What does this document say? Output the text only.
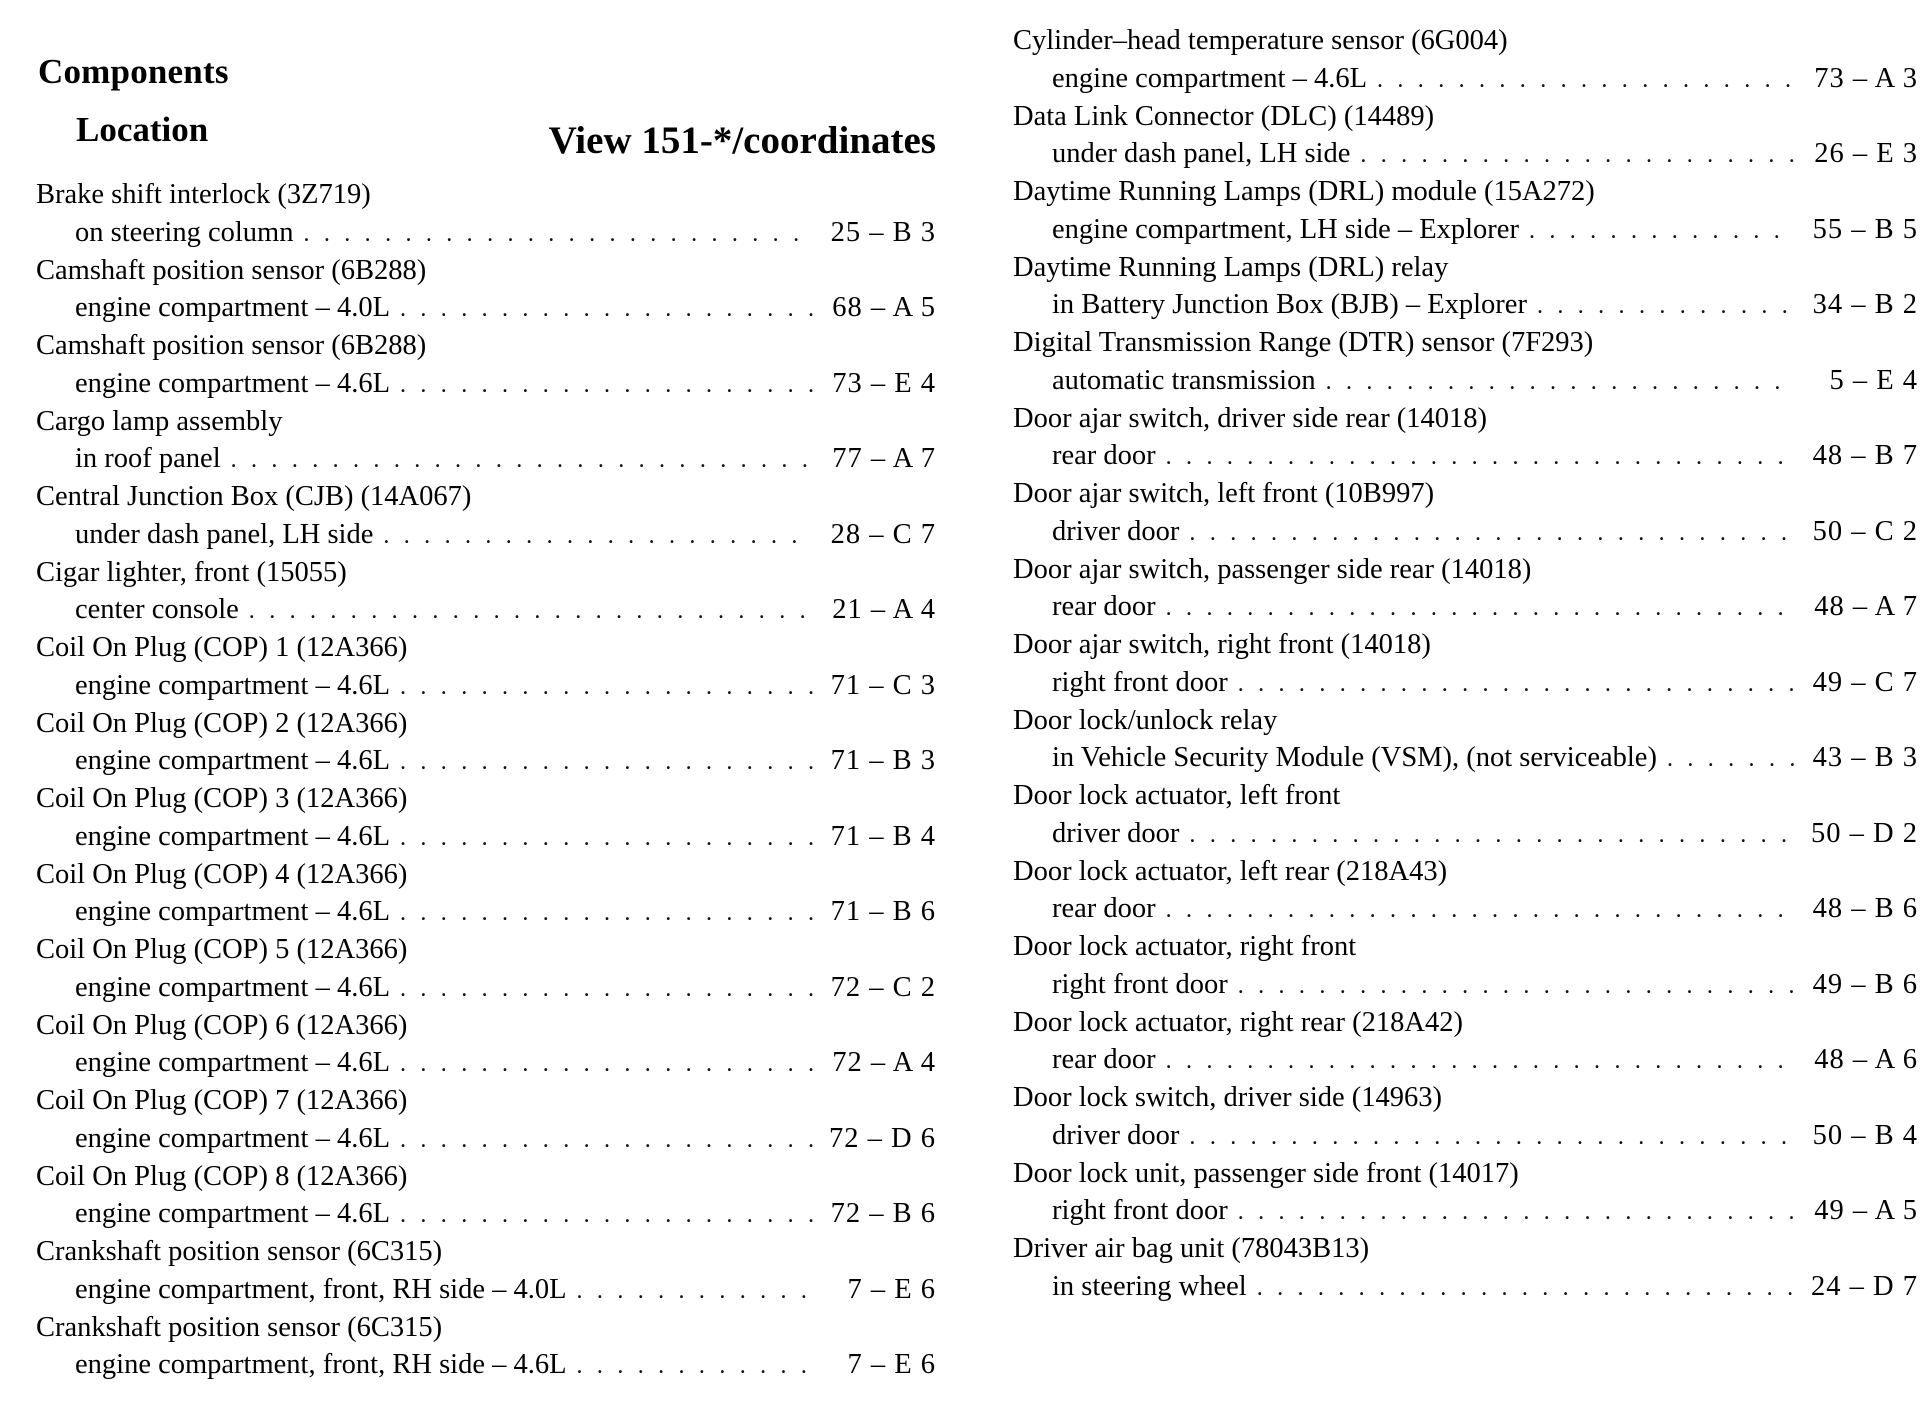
Components
Location	View 151-*/coordinates
Brake shift interlock (3Z719)
on steering column . . .	25 – B 3
Camshaft position sensor (6B288)
engine compartment – 4.0L . . .	68 – A 5
Camshaft position sensor (6B288)
engine compartment – 4.6L . . .	73 – E 4
Cargo lamp assembly
in roof panel . . .	77 – A 7
Central Junction Box (CJB) (14A067)
under dash panel, LH side . . .	28 – C 7
Cigar lighter, front (15055)
center console . . .	21 – A 4
Coil On Plug (COP) 1 (12A366)
engine compartment – 4.6L . . .	71 – C 3
Coil On Plug (COP) 2 (12A366)
engine compartment – 4.6L . . .	71 – B 3
Coil On Plug (COP) 3 (12A366)
engine compartment – 4.6L . . .	71 – B 4
Coil On Plug (COP) 4 (12A366)
engine compartment – 4.6L . . .	71 – B 6
Coil On Plug (COP) 5 (12A366)
engine compartment – 4.6L . . .	72 – C 2
Coil On Plug (COP) 6 (12A366)
engine compartment – 4.6L . . .	72 – A 4
Coil On Plug (COP) 7 (12A366)
engine compartment – 4.6L . . .	72 – D 6
Coil On Plug (COP) 8 (12A366)
engine compartment – 4.6L . . .	72 – B 6
Crankshaft position sensor (6C315)
engine compartment, front, RH side – 4.0L . . .	7 – E 6
Crankshaft position sensor (6C315)
engine compartment, front, RH side – 4.6L . . .	7 – E 6
Cylinder–head temperature sensor (6G004)
engine compartment – 4.6L . . .	73 – A 3
Data Link Connector (DLC) (14489)
under dash panel, LH side . . .	26 – E 3
Daytime Running Lamps (DRL) module (15A272)
engine compartment, LH side – Explorer . . .	55 – B 5
Daytime Running Lamps (DRL) relay
in Battery Junction Box (BJB) – Explorer . . .	34 – B 2
Digital Transmission Range (DTR) sensor (7F293)
automatic transmission . . .	5 – E 4
Door ajar switch, driver side rear (14018)
rear door . . .	48 – B 7
Door ajar switch, left front (10B997)
driver door . . .	50 – C 2
Door ajar switch, passenger side rear (14018)
rear door . . .	48 – A 7
Door ajar switch, right front (14018)
right front door . . .	49 – C 7
Door lock/unlock relay
in Vehicle Security Module (VSM), (not serviceable) . . .	43 – B 3
Door lock actuator, left front
driver door . . .	50 – D 2
Door lock actuator, left rear (218A43)
rear door . . .	48 – B 6
Door lock actuator, right front
right front door . . .	49 – B 6
Door lock actuator, right rear (218A42)
rear door . . .	48 – A 6
Door lock switch, driver side (14963)
driver door . . .	50 – B 4
Door lock unit, passenger side front (14017)
right front door . . .	49 – A 5
Driver air bag unit (78043B13)
in steering wheel . . .	24 – D 7
